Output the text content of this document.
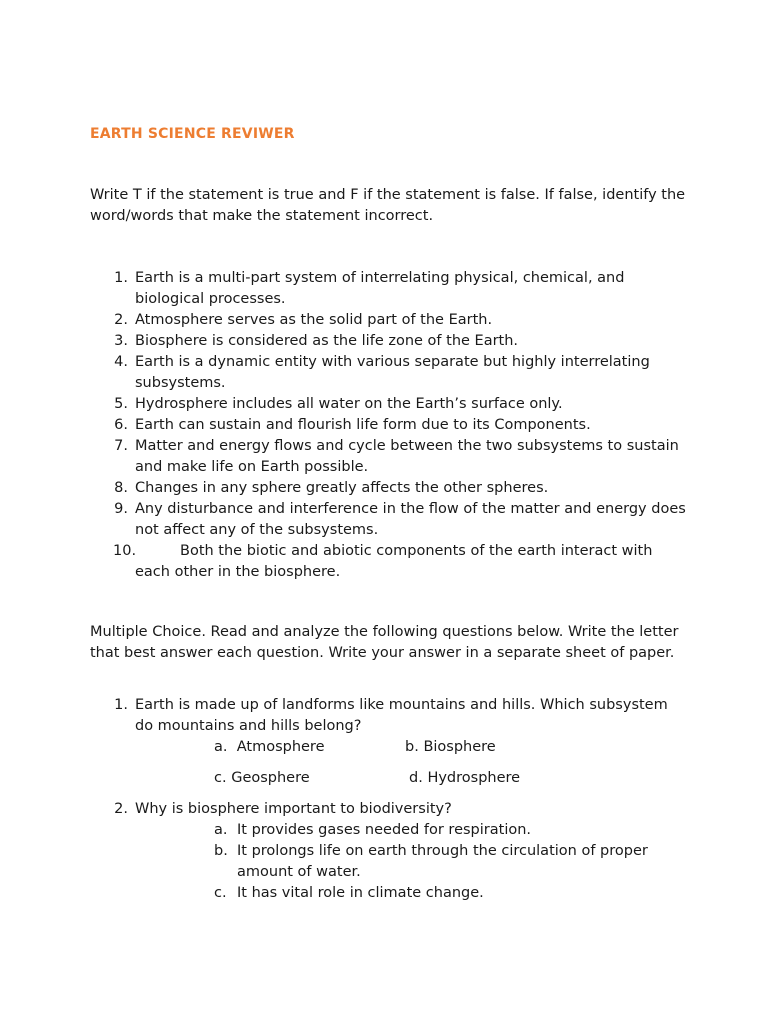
EARTH SCIENCE REVIWER
Write T if the statement is true and F if the statement is false. If false, identify the word/words that make the statement incorrect.
1. Earth is a multi-part system of interrelating physical, chemical, and biological processes.
2. Atmosphere serves as the solid part of the Earth.
3. Biosphere is considered as the life zone of the Earth.
4. Earth is a dynamic entity with various separate but highly interrelating subsystems.
5. Hydrosphere includes all water on the Earth’s surface only.
6. Earth can sustain and flourish life form due to its Components.
7. Matter and energy flows and cycle between the two subsystems to sustain and make life on Earth possible.
8. Changes in any sphere greatly affects the other spheres.
9. Any disturbance and interference in the flow of the matter and energy does not affect any of the subsystems.
10.	Both the biotic and abiotic components of the earth interact with each other in the biosphere.
Multiple Choice. Read and analyze the following questions below. Write the letter that best answer each question. Write your answer in a separate sheet of paper.
1. Earth is made up of landforms like mountains and hills. Which subsystem do mountains and hills belong?
a. Atmosphere	b. Biosphere
c. Geosphere	d. Hydrosphere
2. Why is biosphere important to biodiversity?
a. It provides gases needed for respiration.
b. It prolongs life on earth through the circulation of proper amount of water.
c. It has vital role in climate change.
